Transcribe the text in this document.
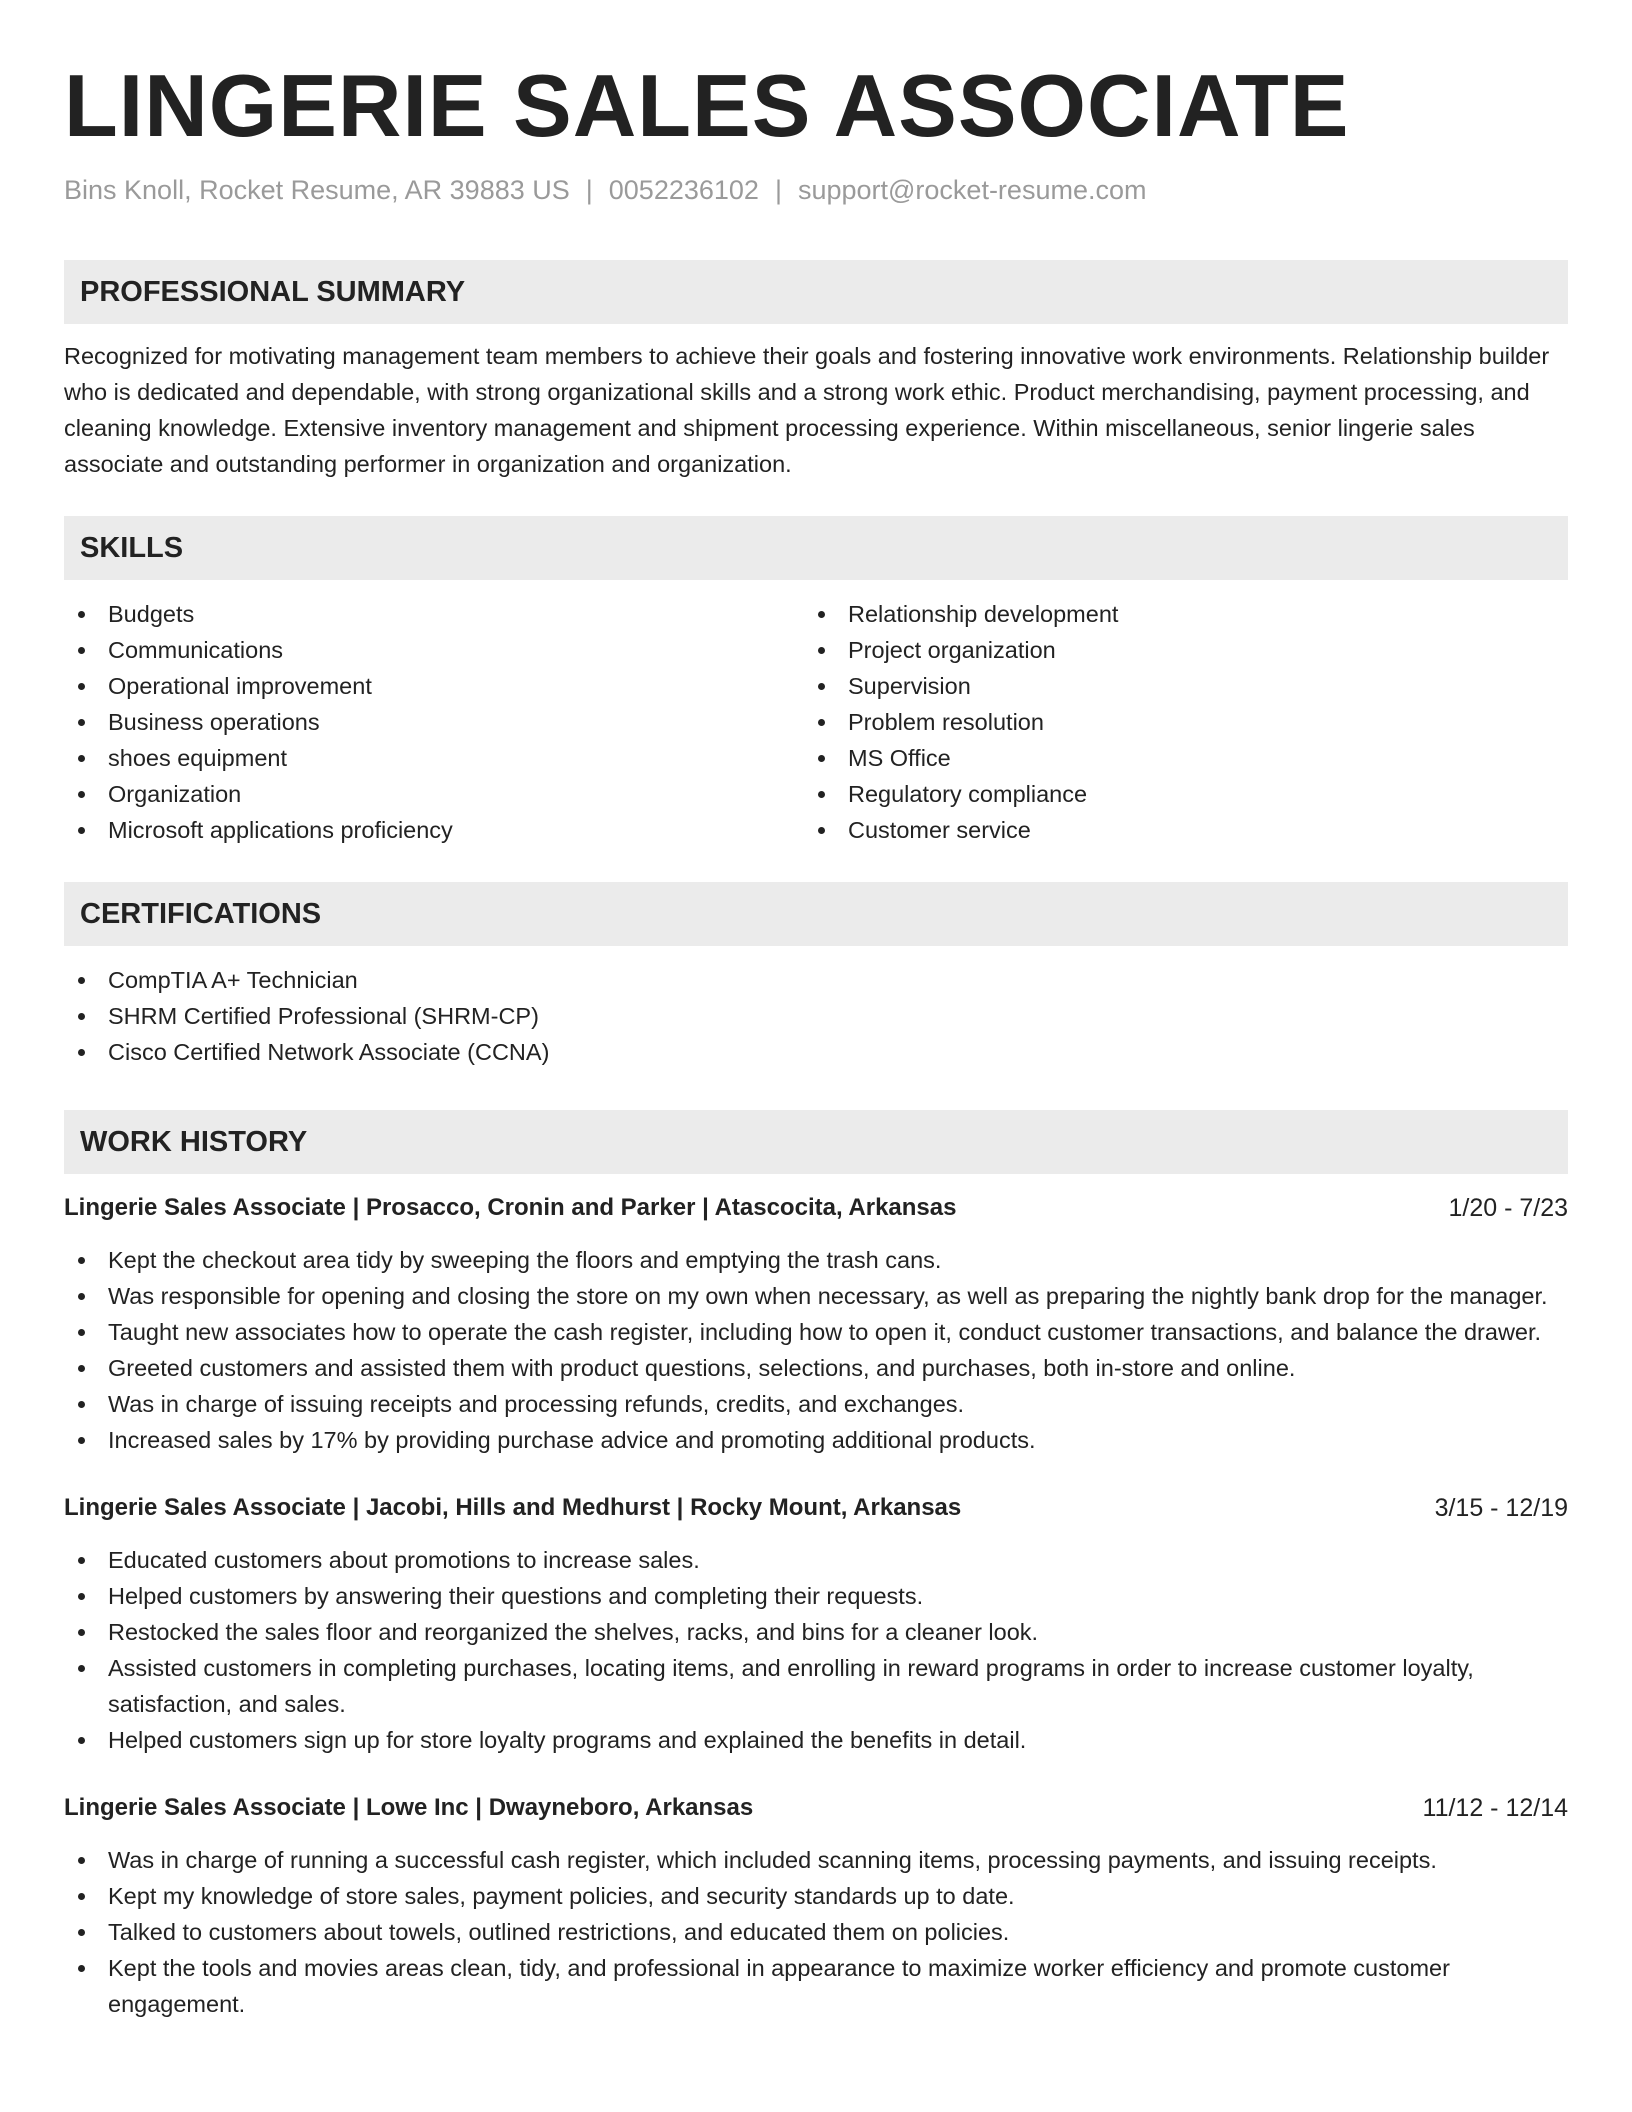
LINGERIE SALES ASSOCIATE
Bins Knoll, Rocket Resume, AR 39883 US | 0052236102 | support@rocket-resume.com
PROFESSIONAL SUMMARY
Recognized for motivating management team members to achieve their goals and fostering innovative work environments. Relationship builder who is dedicated and dependable, with strong organizational skills and a strong work ethic. Product merchandising, payment processing, and cleaning knowledge. Extensive inventory management and shipment processing experience. Within miscellaneous, senior lingerie sales associate and outstanding performer in organization and organization.
SKILLS
Budgets
Communications
Operational improvement
Business operations
shoes equipment
Organization
Microsoft applications proficiency
Relationship development
Project organization
Supervision
Problem resolution
MS Office
Regulatory compliance
Customer service
CERTIFICATIONS
CompTIA A+ Technician
SHRM Certified Professional (SHRM-CP)
Cisco Certified Network Associate (CCNA)
WORK HISTORY
Lingerie Sales Associate | Prosacco, Cronin and Parker | Atascocita, Arkansas	1/20 - 7/23
Kept the checkout area tidy by sweeping the floors and emptying the trash cans.
Was responsible for opening and closing the store on my own when necessary, as well as preparing the nightly bank drop for the manager.
Taught new associates how to operate the cash register, including how to open it, conduct customer transactions, and balance the drawer.
Greeted customers and assisted them with product questions, selections, and purchases, both in-store and online.
Was in charge of issuing receipts and processing refunds, credits, and exchanges.
Increased sales by 17% by providing purchase advice and promoting additional products.
Lingerie Sales Associate | Jacobi, Hills and Medhurst | Rocky Mount, Arkansas	3/15 - 12/19
Educated customers about promotions to increase sales.
Helped customers by answering their questions and completing their requests.
Restocked the sales floor and reorganized the shelves, racks, and bins for a cleaner look.
Assisted customers in completing purchases, locating items, and enrolling in reward programs in order to increase customer loyalty, satisfaction, and sales.
Helped customers sign up for store loyalty programs and explained the benefits in detail.
Lingerie Sales Associate | Lowe Inc | Dwayneboro, Arkansas	11/12 - 12/14
Was in charge of running a successful cash register, which included scanning items, processing payments, and issuing receipts.
Kept my knowledge of store sales, payment policies, and security standards up to date.
Talked to customers about towels, outlined restrictions, and educated them on policies.
Kept the tools and movies areas clean, tidy, and professional in appearance to maximize worker efficiency and promote customer engagement.
